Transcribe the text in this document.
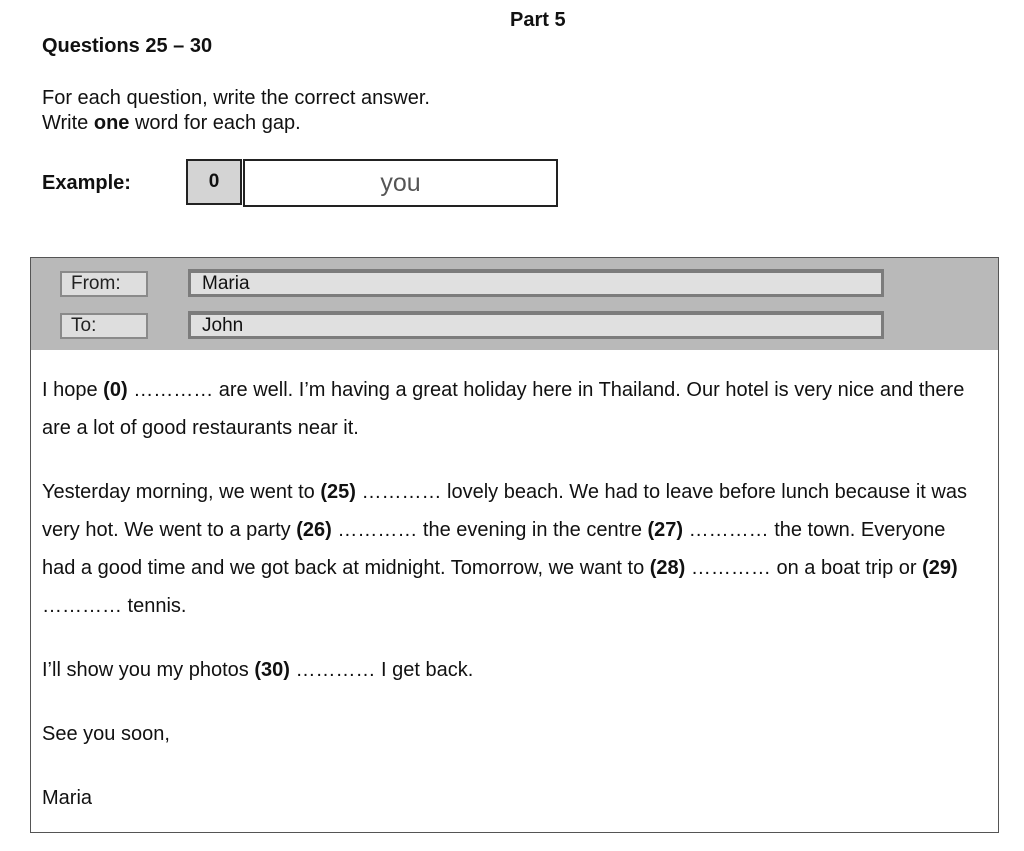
Part 5
Questions 25 – 30
For each question, write the correct answer.
Write one word for each gap.
Example:	0	you
From:	Maria
To:	John

I hope (0) ………… are well. I’m having a great holiday here in Thailand. Our hotel is very nice and there are a lot of good restaurants near it.

Yesterday morning, we went to (25) ………… lovely beach. We had to leave before lunch because it was very hot. We went to a party (26) ………… the evening in the centre (27) ………… the town. Everyone had a good time and we got back at midnight. Tomorrow, we want to (28) ………… on a boat trip or (29) ………… tennis.

I’ll show you my photos (30) ………… I get back.

See you soon,

Maria
